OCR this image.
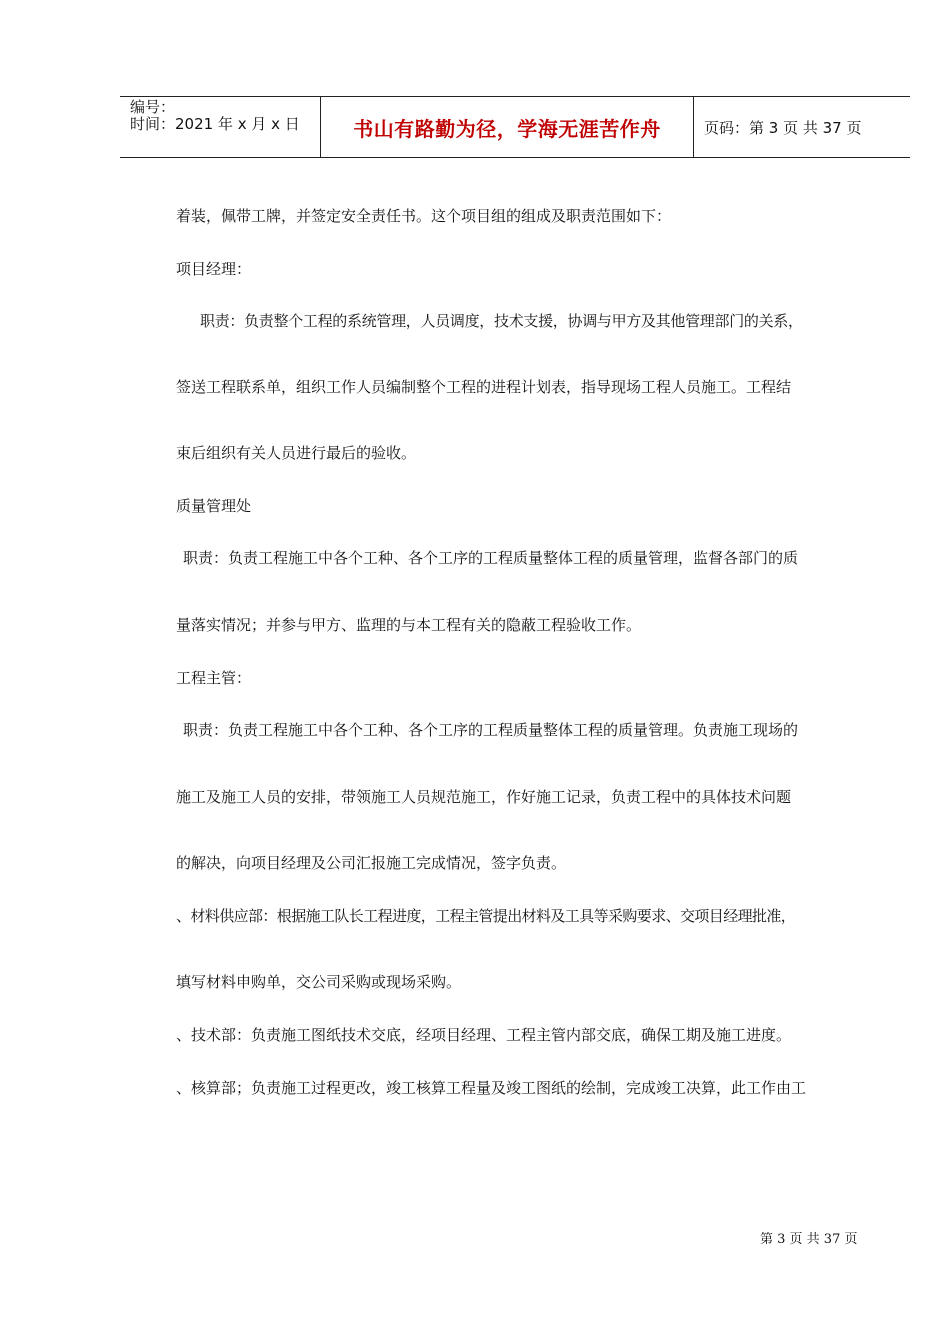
编号：
时间：2021 年 x 月 x 日	书山有路勤为径，学海无涯苦作舟	页码：第 3 页 共 37 页
着装，佩带工牌，并签定安全责任书。这个项目组的组成及职责范围如下：
项目经理：
职责：负责整个工程的系统管理，人员调度，技术支援，协调与甲方及其他管理部门的关系，
签送工程联系单，组织工作人员编制整个工程的进程计划表，指导现场工程人员施工。工程结
束后组织有关人员进行最后的验收。
质量管理处
职责：负责工程施工中各个工种、各个工序的工程质量整体工程的质量管理，监督各部门的质
量落实情况；并参与甲方、监理的与本工程有关的隐蔽工程验收工作。
工程主管：
职责：负责工程施工中各个工种、各个工序的工程质量整体工程的质量管理。负责施工现场的
施工及施工人员的安排，带领施工人员规范施工，作好施工记录，负责工程中的具体技术问题
的解决，向项目经理及公司汇报施工完成情况，签字负责。
、材料供应部：根据施工队长工程进度，工程主管提出材料及工具等采购要求、交项目经理批准，
填写材料申购单，交公司采购或现场采购。
、技术部：负责施工图纸技术交底，经项目经理、工程主管内部交底，确保工期及施工进度。
、核算部；负责施工过程更改，竣工核算工程量及竣工图纸的绘制，完成竣工决算，此工作由工
第 3 页 共 37 页
